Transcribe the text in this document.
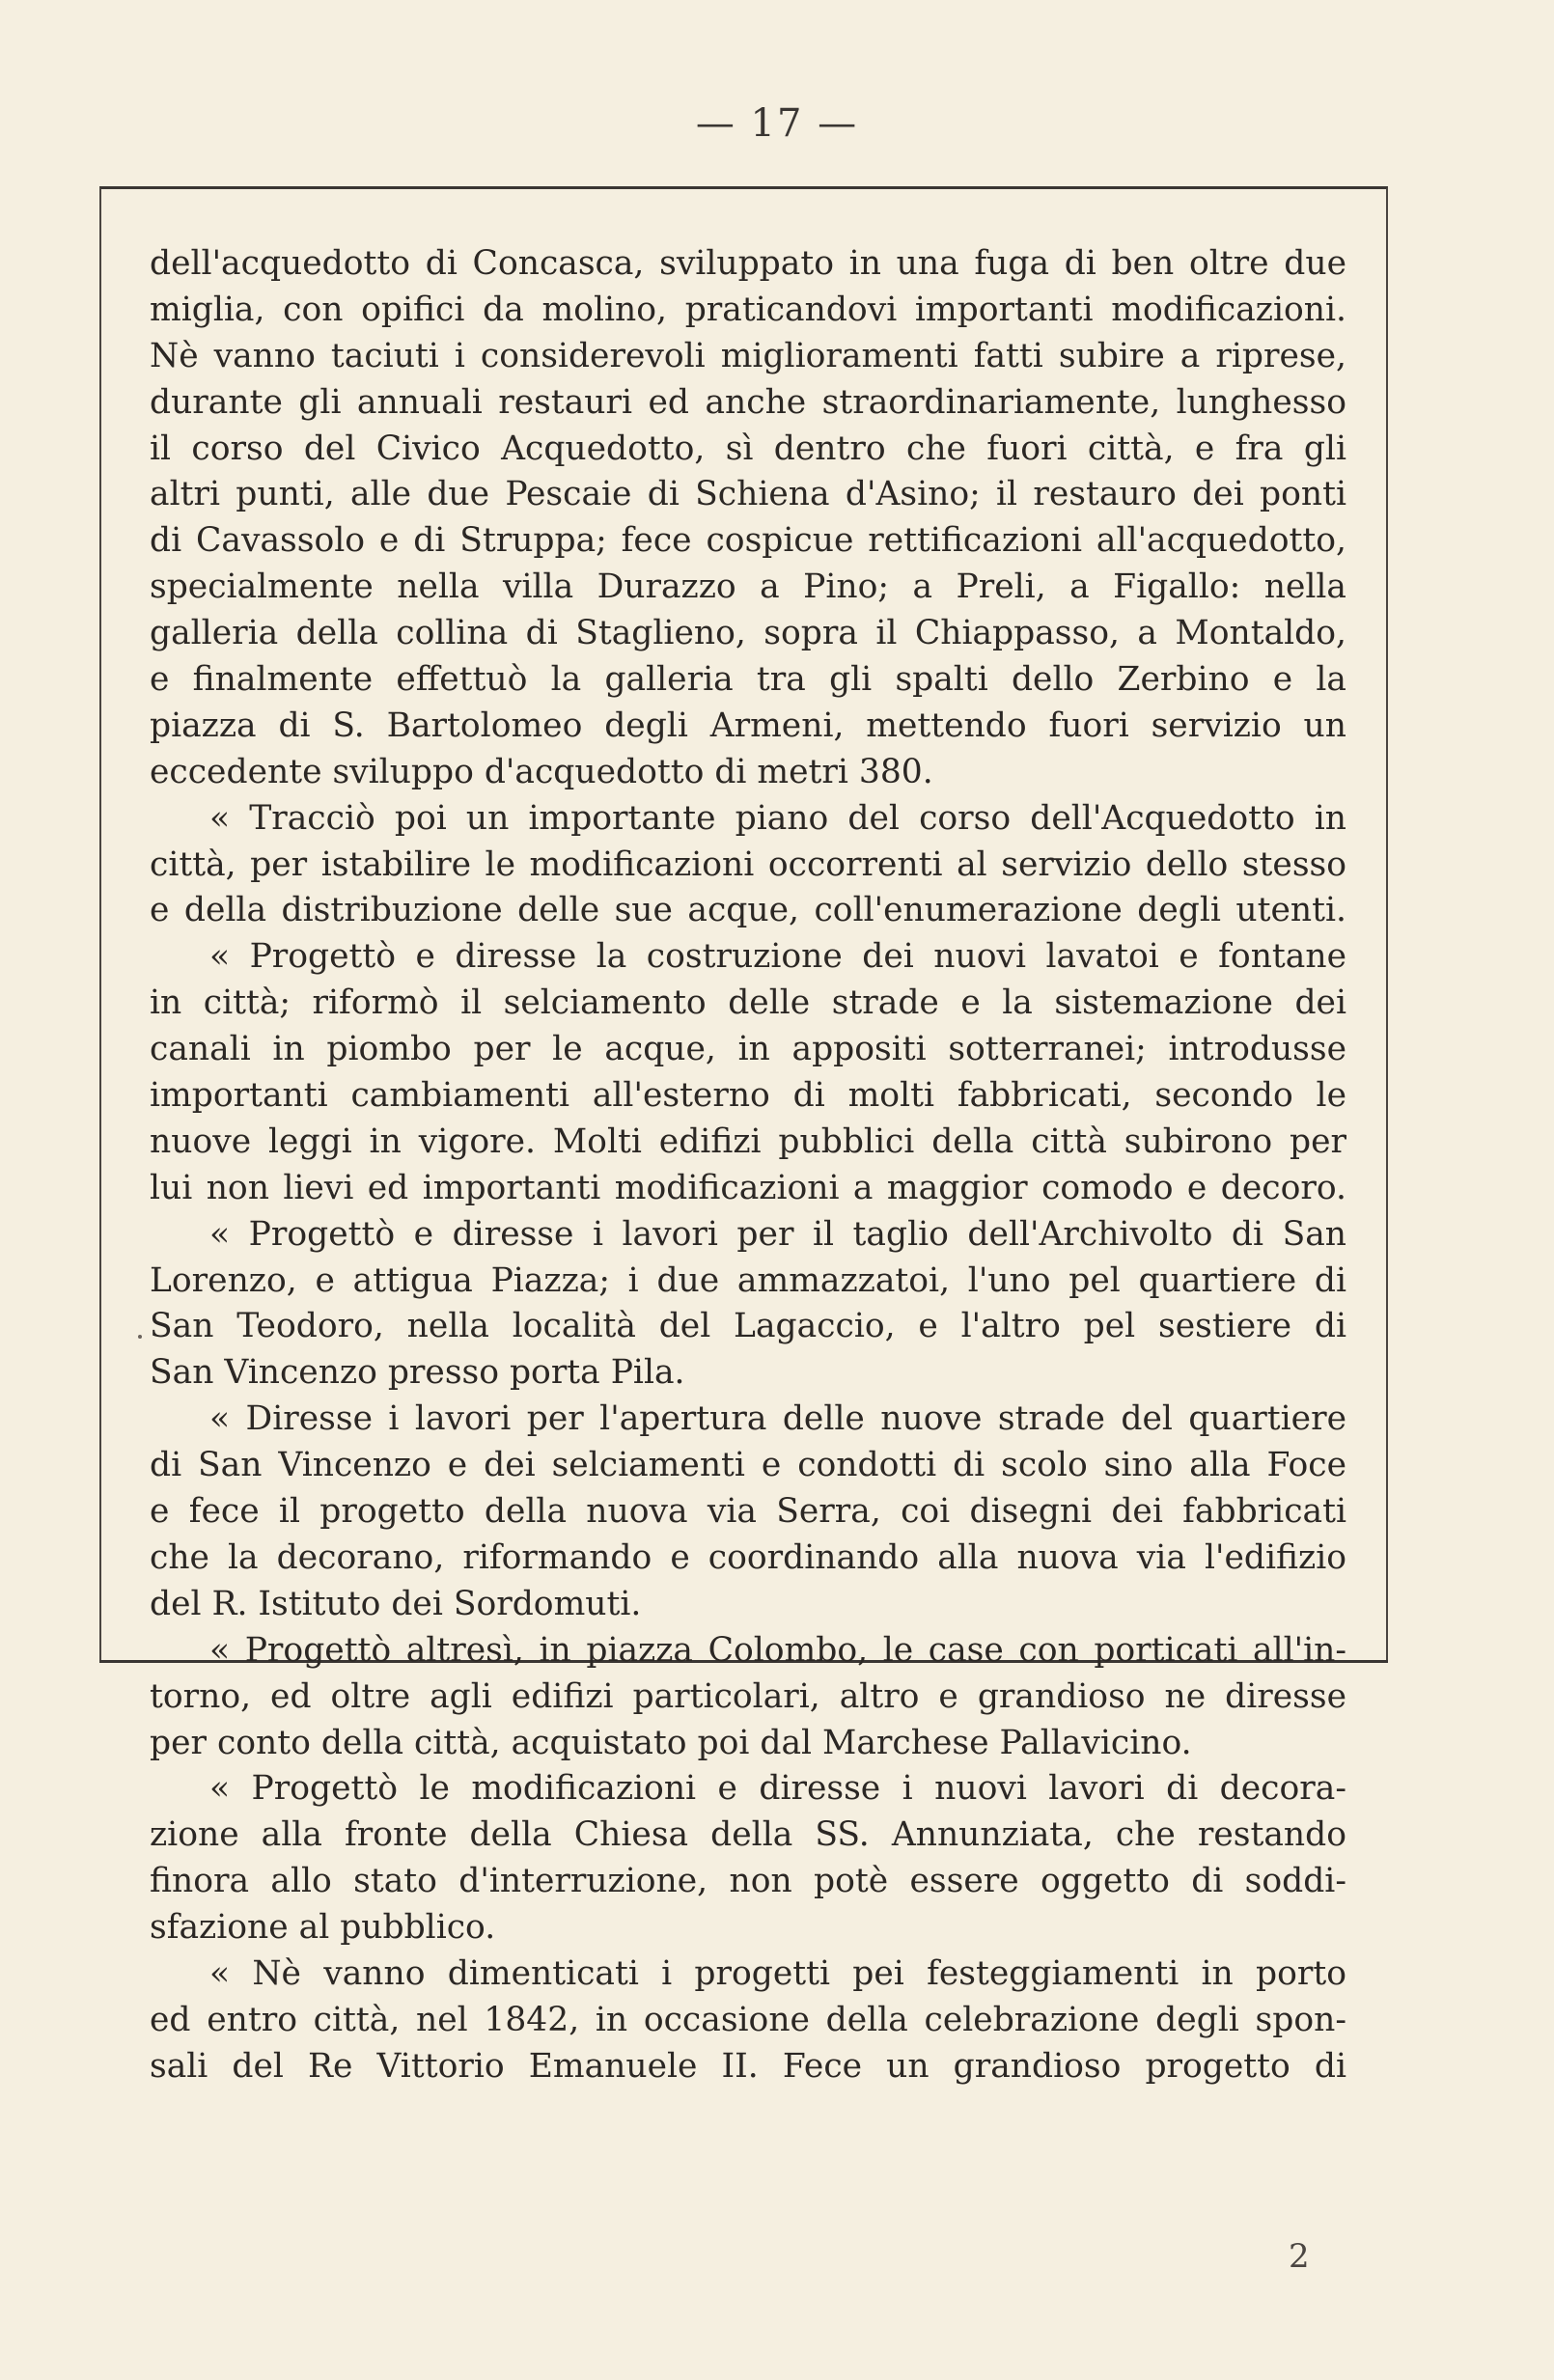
— 17 —
dell'acquedotto di Concasca, sviluppato in una fuga di ben oltre due
miglia, con opifici da molino, praticandovi importanti modificazioni.
Nè vanno taciuti i considerevoli miglioramenti fatti subire a riprese,
durante gli annuali restauri ed anche straordinariamente, lunghesso
il corso del Civico Acquedotto, sì dentro che fuori città, e fra gli
altri punti, alle due Pescaie di Schiena d'Asino; il restauro dei ponti
di Cavassolo e di Struppa; fece cospicue rettificazioni all'acquedotto,
specialmente nella villa Durazzo a Pino; a Preli, a Figallo: nella
galleria della collina di Staglieno, sopra il Chiappasso, a Montaldo,
e finalmente effettuò la galleria tra gli spalti dello Zerbino e la
piazza di S. Bartolomeo degli Armeni, mettendo fuori servizio un
eccedente sviluppo d'acquedotto di metri 380.
« Tracciò poi un importante piano del corso dell'Acquedotto in
città, per istabilire le modificazioni occorrenti al servizio dello stesso
e della distribuzione delle sue acque, coll'enumerazione degli utenti.
« Progettò e diresse la costruzione dei nuovi lavatoi e fontane
in città; riformò il selciamento delle strade e la sistemazione dei
canali in piombo per le acque, in appositi sotterranei; introdusse
importanti cambiamenti all'esterno di molti fabbricati, secondo le
nuove leggi in vigore. Molti edifizi pubblici della città subirono per
lui non lievi ed importanti modificazioni a maggior comodo e decoro.
« Progettò e diresse i lavori per il taglio dell'Archivolto di San
Lorenzo, e attigua Piazza; i due ammazzatoi, l'uno pel quartiere di
San Teodoro, nella località del Lagaccio, e l'altro pel sestiere di
San Vincenzo presso porta Pila.
« Diresse i lavori per l'apertura delle nuove strade del quartiere
di San Vincenzo e dei selciamenti e condotti di scolo sino alla Foce
e fece il progetto della nuova via Serra, coi disegni dei fabbricati
che la decorano, riformando e coordinando alla nuova via l'edifizio
del R. Istituto dei Sordomuti.
« Progettò altresì, in piazza Colombo, le case con porticati all'in-
torno, ed oltre agli edifizi particolari, altro e grandioso ne diresse
per conto della città, acquistato poi dal Marchese Pallavicino.
« Progettò le modificazioni e diresse i nuovi lavori di decora-
zione alla fronte della Chiesa della SS. Annunziata, che restando
finora allo stato d'interruzione, non potè essere oggetto di soddi-
sfazione al pubblico.
« Nè vanno dimenticati i progetti pei festeggiamenti in porto
ed entro città, nel 1842, in occasione della celebrazione degli spon-
sali del Re Vittorio Emanuele II. Fece un grandioso progetto di
2
